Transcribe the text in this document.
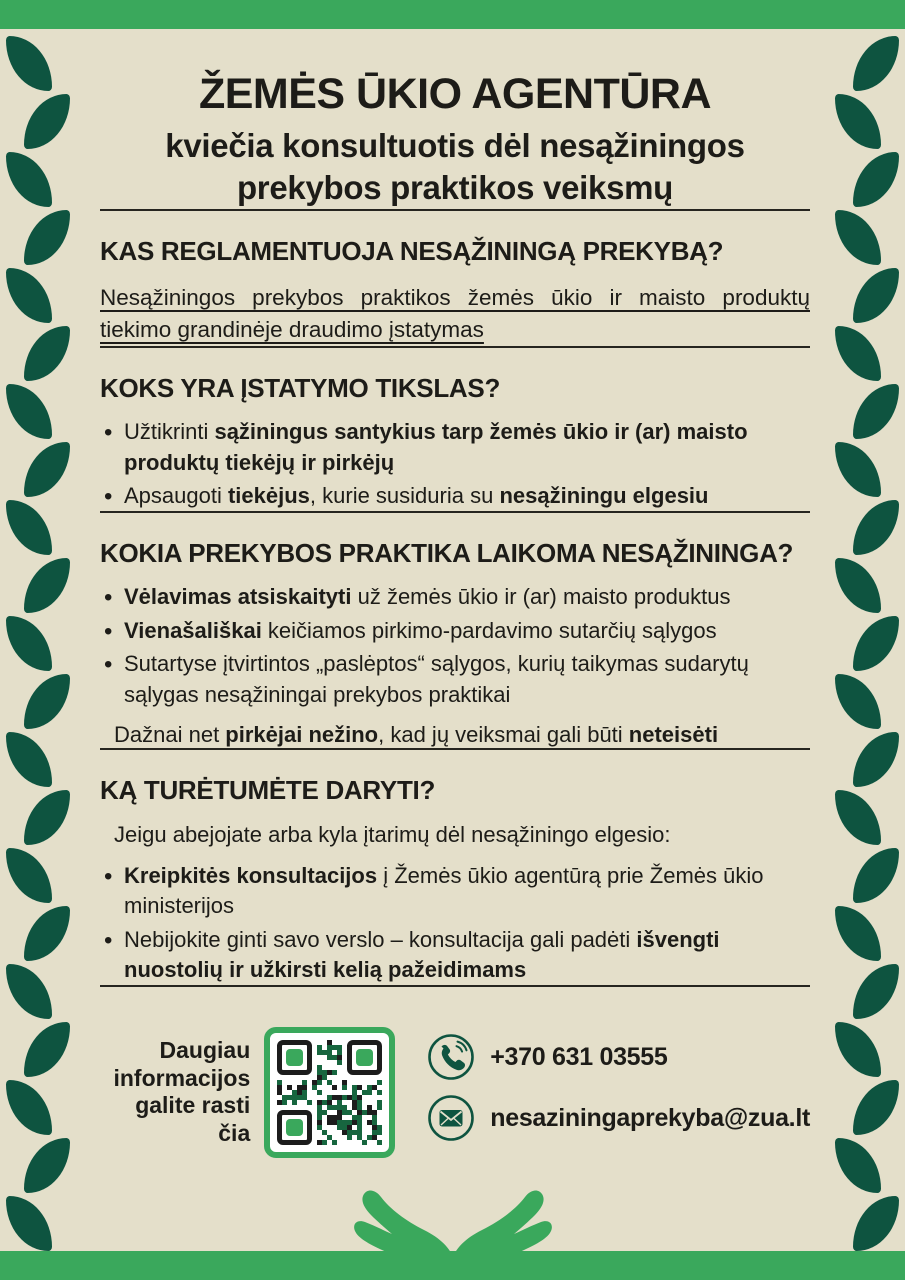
ŽEMĖS ŪKIO AGENTŪRA
kviečia konsultuotis dėl nesąžiningos
prekybos praktikos veiksmų
KAS REGLAMENTUOJA NESĄŽININGĄ PREKYBĄ?

Nesąžiningos prekybos praktikos žemės ūkio ir maisto produktų tiekimo grandinėje draudimo įstatymas

KOKS YRA ĮSTATYMO TIKSLAS?
• Užtikrinti sąžiningus santykius tarp žemės ūkio ir (ar) maisto produktų tiekėjų ir pirkėjų
• Apsaugoti tiekėjus, kurie susiduria su nesąžiningu elgesiu
KOKIA PREKYBOS PRAKTIKA LAIKOMA NESĄŽININGA?
• Vėlavimas atsiskaityti už žemės ūkio ir (ar) maisto produktus
• Vienašališkai keičiamos pirkimo-pardavimo sutarčių sąlygos
• Sutartyse įtvirtintos „paslėptos“ sąlygos, kurių taikymas sudarytų sąlygas nesąžiningai prekybos praktikai

Dažnai net pirkėjai nežino, kad jų veiksmai gali būti neteisėti

KĄ TURĖTUMĖTE DARYTI?

Jeigu abejojate arba kyla įtarimų dėl nesąžiningo elgesio:

• Kreipkitės konsultacijos į Žemės ūkio agentūrą prie Žemės ūkio ministerijos
• Nebijokite ginti savo verslo – konsultacija gali padėti išvengti nuostolių ir užkirsti kelią pažeidimams
Daugiau informacijos galite rasti čia
+370 631 03555
nesaziningaprekyba@zua.lt
